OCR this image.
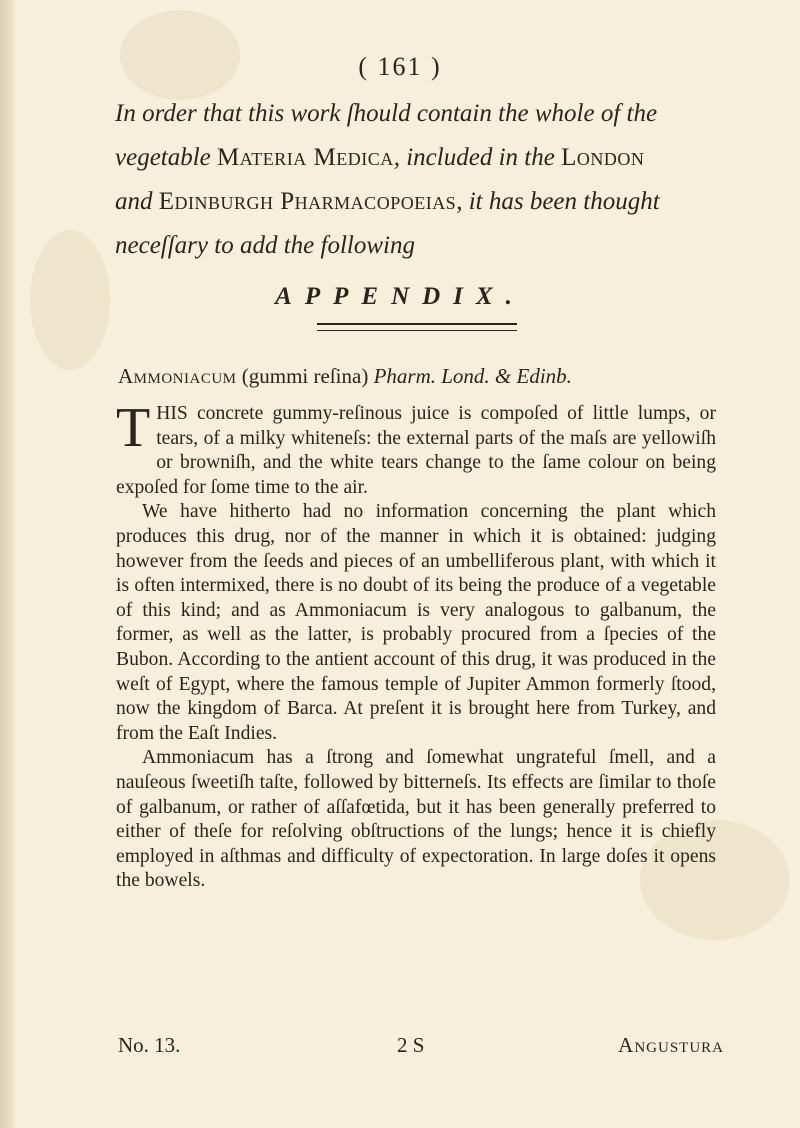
( 161 )
In order that this work ſhould contain the whole of the
vegetable Materia Medica, included in the London
and Edinburgh Pharmacopoeias, it has been thought
neceſſary to add the following
APPENDIX.
Ammoniacum (gummi reſina) Pharm. Lond. & Edinb.

THIS concrete gummy-reſinous juice is compoſed of little lumps, or tears, of a milky whiteneſs: the external parts of the maſs are yellowiſh or browniſh, and the white tears change to the ſame colour on being expoſed for ſome time to the air.

We have hitherto had no information concerning the plant which produces this drug, nor of the manner in which it is obtained: judging however from the ſeeds and pieces of an umbelliferous plant, with which it is often intermixed, there is no doubt of its being the produce of a vegetable of this kind; and as Ammoniacum is very analogous to galbanum, the former, as well as the latter, is probably procured from a ſpecies of the Bubon. According to the antient account of this drug, it was produced in the weſt of Egypt, where the famous temple of Jupiter Ammon formerly ſtood, now the kingdom of Barca. At preſent it is brought here from Turkey, and from the Eaſt Indies.

Ammoniacum has a ſtrong and ſomewhat ungrateful ſmell, and a nauſeous ſweetiſh taſte, followed by bitterneſs. Its effects are ſimilar to thoſe of galbanum, or rather of aſſafœtida, but it has been generally preferred to either of theſe for reſolving obſtructions of the lungs; hence it is chiefly employed in aſthmas and difficulty of expectoration. In large doſes it opens the bowels.

No. 13.	2 S	Angustura
